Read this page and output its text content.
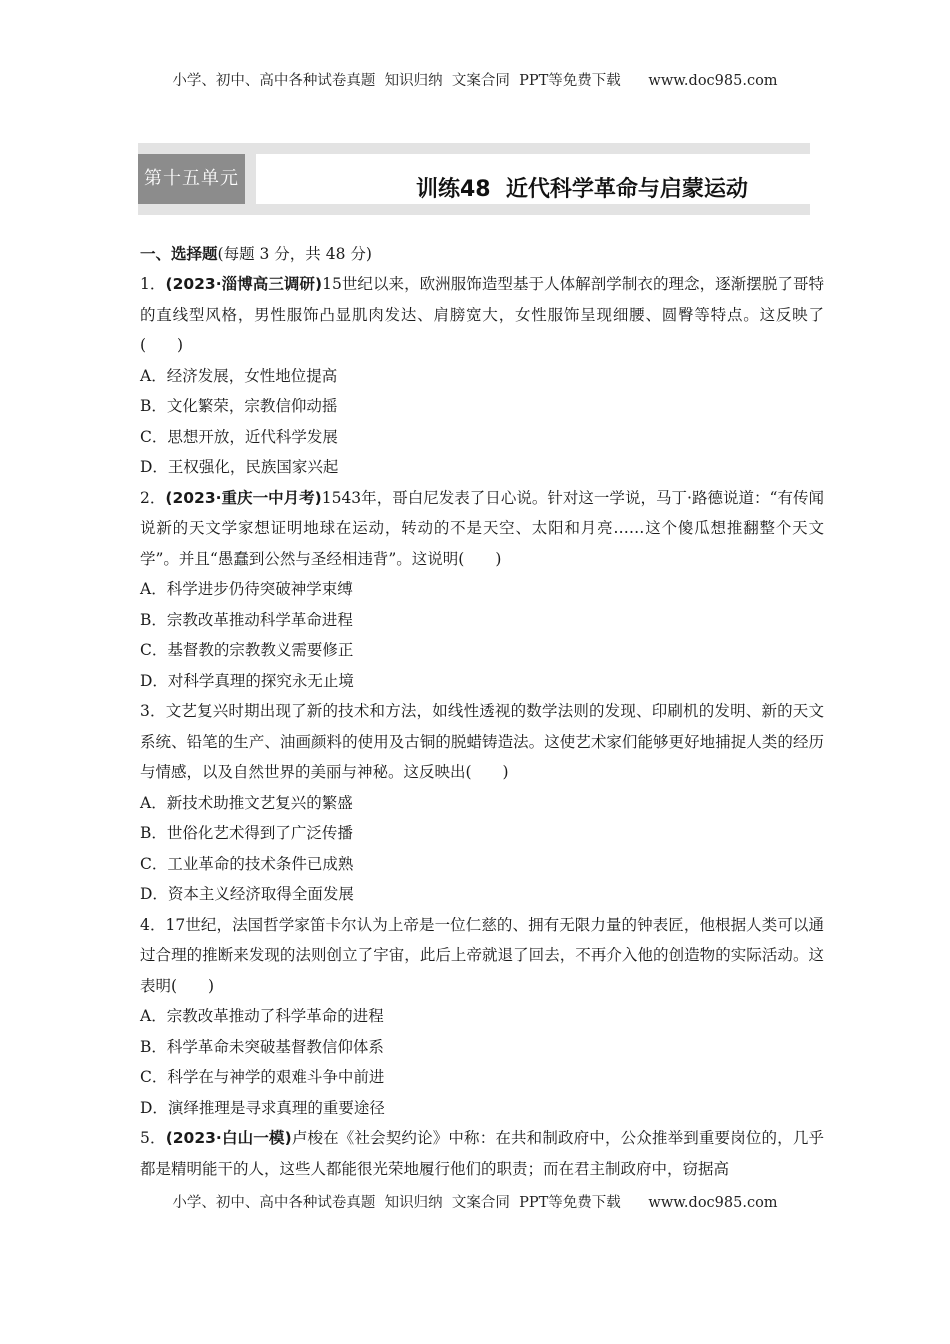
小学、初中、高中各种试卷真题  知识归纳  文案合同  PPT等免费下载      www.doc985.com
第十五单元	训练48  近代科学革命与启蒙运动
一、选择题(每题 3 分，共 48 分)
1．(2023·淄博高三调研)15世纪以来，欧洲服饰造型基于人体解剖学制衣的理念，逐渐摆脱了哥特的直线型风格，男性服饰凸显肌肉发达、肩膀宽大，女性服饰呈现细腰、圆臀等特点。这反映了(　　)
A．经济发展，女性地位提高
B．文化繁荣，宗教信仰动摇
C．思想开放，近代科学发展
D．王权强化，民族国家兴起
2．(2023·重庆一中月考)1543年，哥白尼发表了日心说。针对这一学说，马丁·路德说道：“有传闻说新的天文学家想证明地球在运动，转动的不是天空、太阳和月亮……这个傻瓜想推翻整个天文学”。并且“愚蠢到公然与圣经相违背”。这说明(　　)
A．科学进步仍待突破神学束缚
B．宗教改革推动科学革命进程
C．基督教的宗教教义需要修正
D．对科学真理的探究永无止境
3．文艺复兴时期出现了新的技术和方法，如线性透视的数学法则的发现、印刷机的发明、新的天文系统、铅笔的生产、油画颜料的使用及古铜的脱蜡铸造法。这使艺术家们能够更好地捕捉人类的经历与情感，以及自然世界的美丽与神秘。这反映出(　　)
A．新技术助推文艺复兴的繁盛
B．世俗化艺术得到了广泛传播
C．工业革命的技术条件已成熟
D．资本主义经济取得全面发展
4．17世纪，法国哲学家笛卡尔认为上帝是一位仁慈的、拥有无限力量的钟表匠，他根据人类可以通过合理的推断来发现的法则创立了宇宙，此后上帝就退了回去，不再介入他的创造物的实际活动。这表明(　　)
A．宗教改革推动了科学革命的进程
B．科学革命未突破基督教信仰体系
C．科学在与神学的艰难斗争中前进
D．演绎推理是寻求真理的重要途径
5．(2023·白山一模)卢梭在《社会契约论》中称：在共和制政府中，公众推举到重要岗位的，几乎都是精明能干的人，这些人都能很光荣地履行他们的职责；而在君主制政府中，窃据高
小学、初中、高中各种试卷真题  知识归纳  文案合同  PPT等免费下载      www.doc985.com
